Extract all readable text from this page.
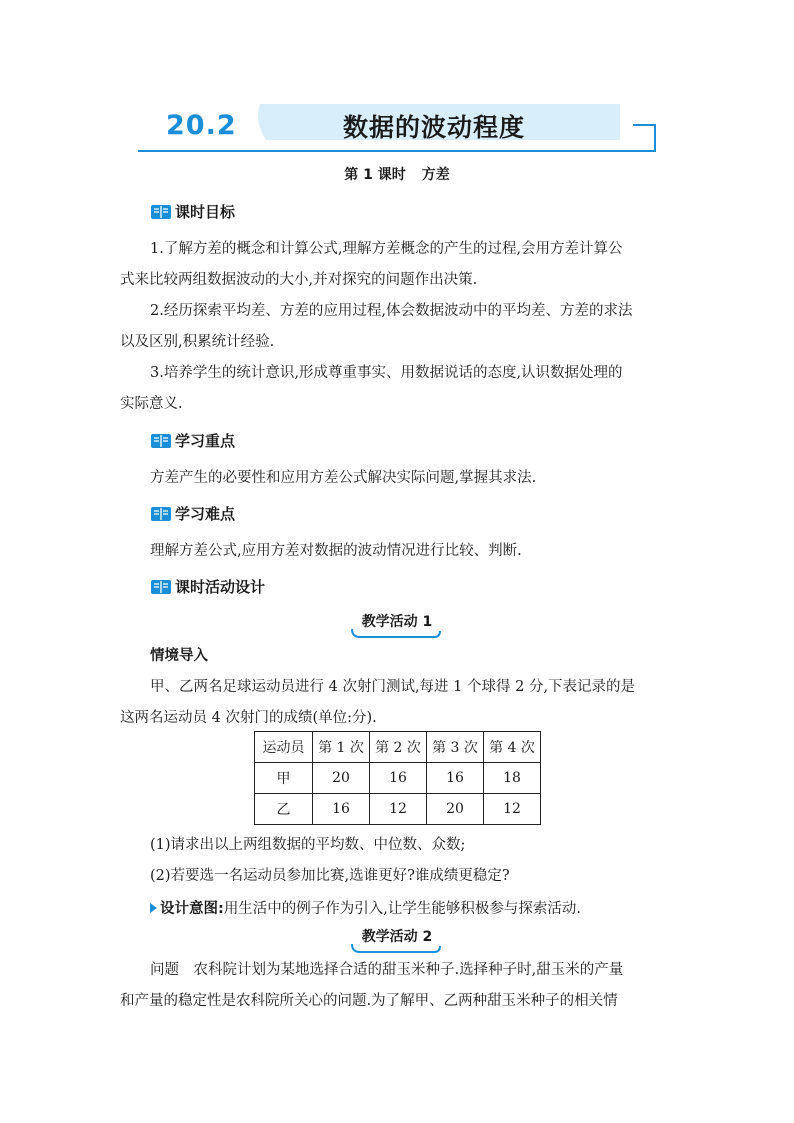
20.2	数据的波动程度
第 1 课时 方差
课时目标
1.了解方差的概念和计算公式,理解方差概念的产生的过程,会用方差计算公
式来比较两组数据波动的大小,并对探究的问题作出决策.
2.经历探索平均差、方差的应用过程,体会数据波动中的平均差、方差的求法
以及区别,积累统计经验.
3.培养学生的统计意识,形成尊重事实、用数据说话的态度,认识数据处理的
实际意义.
学习重点
方差产生的必要性和应用方差公式解决实际问题,掌握其求法.
学习难点
理解方差公式,应用方差对数据的波动情况进行比较、判断.
课时活动设计
教学活动 1
情境导入
甲、乙两名足球运动员进行 4 次射门测试,每进 1 个球得 2 分,下表记录的是
这两名运动员 4 次射门的成绩(单位:分).
运动员	第 1 次	第 2 次	第 3 次	第 4 次
甲	20	16	16	18
乙	16	12	20	12
(1)请求出以上两组数据的平均数、中位数、众数;
(2)若要选一名运动员参加比赛,选谁更好?谁成绩更稳定?
设计意图:用生活中的例子作为引入,让学生能够积极参与探索活动.
教学活动 2
问题　农科院计划为某地选择合适的甜玉米种子.选择种子时,甜玉米的产量
和产量的稳定性是农科院所关心的问题.为了解甲、乙两种甜玉米种子的相关情
